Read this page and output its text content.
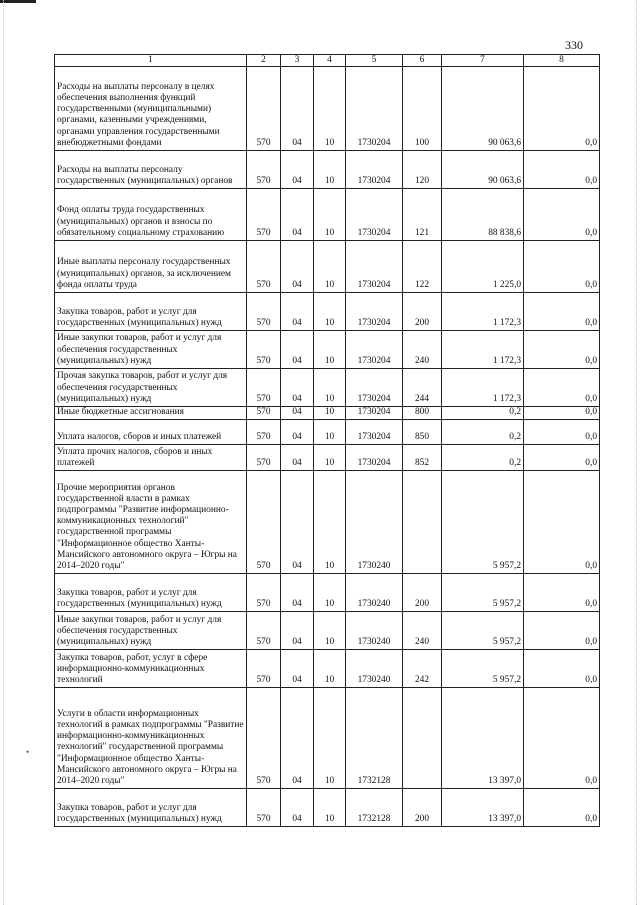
330
•
1	2	3	4	5	6	7	8
Расходы на выплаты персоналу в целях обеспечения выполнения функций государственными (муниципальными) органами, казенными учреждениями, органами управления государственными внебюджетными фондами	570	04	10	1730204	100	90 063,6	0,0
Расходы на выплаты персоналу государственных (муниципальных) органов	570	04	10	1730204	120	90 063,6	0,0
Фонд оплаты труда государственных (муниципальных) органов и взносы по обязательному социальному страхованию	570	04	10	1730204	121	88 838,6	0,0
Иные выплаты персоналу государственных (муниципальных) органов, за исключением фонда оплаты труда	570	04	10	1730204	122	1 225,0	0,0
Закупка товаров, работ и услуг для государственных (муниципальных) нужд	570	04	10	1730204	200	1 172,3	0,0
Иные закупки товаров, работ и услуг для обеспечения государственных (муниципальных) нужд	570	04	10	1730204	240	1 172,3	0,0
Прочая закупка товаров, работ и услуг для обеспечения государственных (муниципальных) нужд	570	04	10	1730204	244	1 172,3	0,0
Иные бюджетные ассигнования	570	04	10	1730204	800	0,2	0,0
Уплата налогов, сборов и иных платежей	570	04	10	1730204	850	0,2	0,0
Уплата прочих налогов, сборов и иных платежей	570	04	10	1730204	852	0,2	0,0
Прочие мероприятия органов государственной власти в рамках подпрограммы "Развитие информационно-коммуникационных технологий" государственной программы "Информационное общество Ханты-Мансийского автономного округа – Югры на 2014–2020 годы"	570	04	10	1730240		5 957,2	0,0
Закупка товаров, работ и услуг для государственных (муниципальных) нужд	570	04	10	1730240	200	5 957,2	0,0
Иные закупки товаров, работ и услуг для обеспечения государственных (муниципальных) нужд	570	04	10	1730240	240	5 957,2	0,0
Закупка товаров, работ, услуг в сфере информационно-коммуникационных технологий	570	04	10	1730240	242	5 957,2	0,0
Услуги в области информационных технологий в рамках подпрограммы "Развитие информационно-коммуникационных технологий" государственной программы "Информационное общество Ханты-Мансийского автономного округа – Югры на 2014–2020 годы"	570	04	10	1732128		13 397,0	0,0
Закупка товаров, работ и услуг для государственных (муниципальных) нужд	570	04	10	1732128	200	13 397,0	0,0
